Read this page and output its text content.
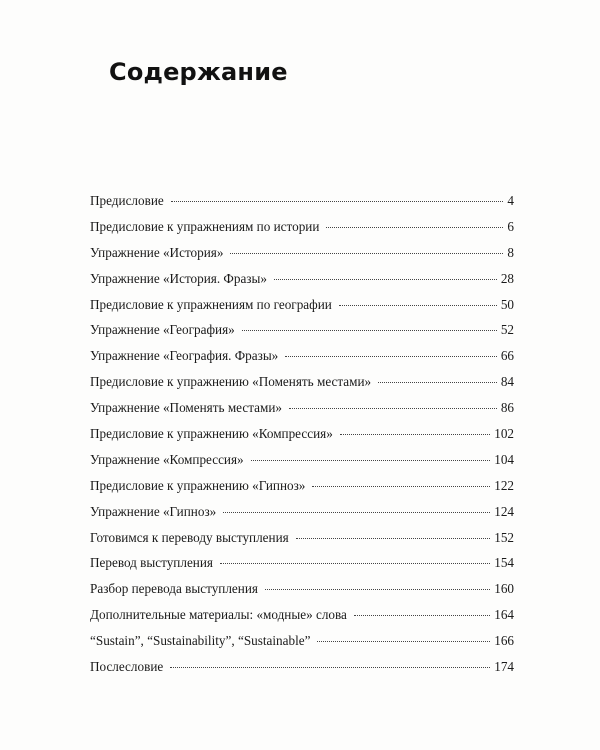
Содержание
Предисловие	4
Предисловие к упражнениям по истории	6
Упражнение «История»	8
Упражнение «История. Фразы»	28
Предисловие к упражнениям по географии	50
Упражнение «География»	52
Упражнение «География. Фразы»	66
Предисловие к упражнению «Поменять местами»	84
Упражнение «Поменять местами»	86
Предисловие к упражнению «Компрессия»	102
Упражнение «Компрессия»	104
Предисловие к упражнению «Гипноз»	122
Упражнение «Гипноз»	124
Готовимся к переводу выступления	152
Перевод выступления	154
Разбор перевода выступления	160
Дополнительные материалы: «модные» слова	164
“Sustain”, “Sustainability”, “Sustainable”	166
Послесловие	174
